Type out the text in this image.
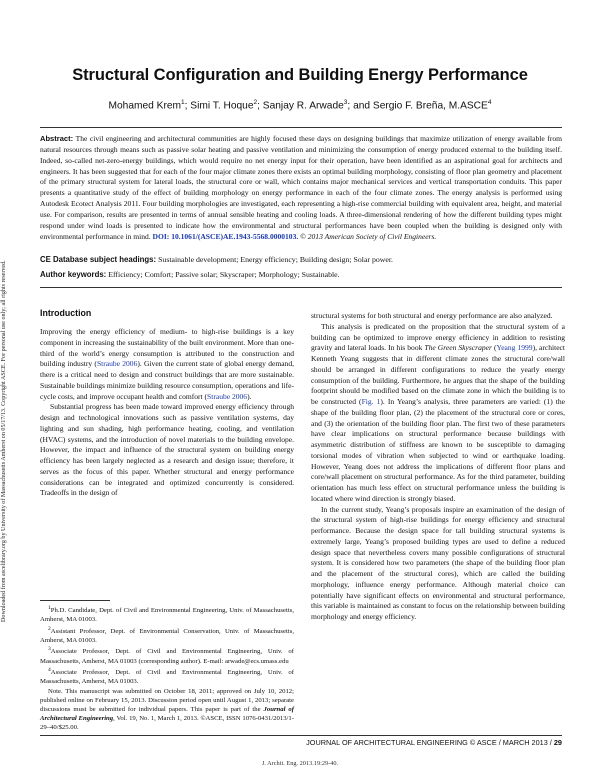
Downloaded from ascelibrary.org by University of Massachusetts Amherst on 05/17/13. Copyright ASCE. For personal use only; all rights reserved.
Structural Configuration and Building Energy Performance
Mohamed Krem$^1$; Simi T. Hoque$^2$; Sanjay R. Arwade$^3$; and Sergio F. Breña, M.ASCE$^4$
Abstract: The civil engineering and architectural communities are highly focused these days on designing buildings that maximize utilization of energy available from natural resources through means such as passive solar heating and passive ventilation and minimizing the consumption of energy produced external to the building itself. Indeed, so-called net-zero-energy buildings, which would require no net energy input for their operation, have been identified as an aspirational goal for architects and engineers. It has been suggested that for each of the four major climate zones there exists an optimal building morphology, consisting of floor plan geometry and placement of the primary structural system for lateral loads, the structural core or wall, which contains major mechanical services and vertical transportation conduits. This paper presents a quantitative study of the effect of building morphology on energy performance in each of the four climate zones. The energy analysis is performed using Autodesk Ecotect Analysis 2011. Four building morphologies are investigated, each representing a high-rise commercial building with equivalent area, height, and material use. For comparison, results are presented in terms of annual sensible heating and cooling loads. A three-dimensional rendering of how the different building types might respond under wind loads is presented to indicate how the environmental and structural performances have been coupled when the building is designed only with environmental performance in mind. DOI: 10.1061/(ASCE)AE.1943-5568.0000103. © 2013 American Society of Civil Engineers.
CE Database subject headings: Sustainable development; Energy efficiency; Building design; Solar power.
Author keywords: Efficiency; Comfort; Passive solar; Skyscraper; Morphology; Sustainable.
Introduction

Improving the energy efficiency of medium- to high-rise buildings is a key component in increasing the sustainability of the built environment. More than one-third of the world’s energy consumption is attributed to the construction and building industry (Straube 2006). Given the current state of global energy demand, there is a critical need to design and construct buildings that are more sustainable. Sustainable buildings minimize building resource consumption, operations and life-cycle costs, and improve occupant health and comfort (Straube 2006).

Substantial progress has been made toward improved energy efficiency through design and technological innovations such as passive ventilation systems, day lighting and sun shading, high performance heating, cooling, and ventilation (HVAC) systems, and the introduction of novel materials to the building envelope. However, the impact and influence of the structural system on building energy efficiency has been largely neglected as a research and design issue; therefore, it serves as the focus of this paper. Whether structural and energy performance considerations can be integrated and optimized concurrently is considered. Tradeoffs in the design of

$^1$Ph.D. Candidate, Dept. of Civil and Environmental Engineering, Univ. of Massachusetts, Amherst, MA 01003.
$^2$Assistant Professor, Dept. of Environmental Conservation, Univ. of Massachusetts, Amherst, MA 01003.
$^3$Associate Professor, Dept. of Civil and Environmental Engineering, Univ. of Massachusetts, Amherst, MA 01003 (corresponding author). E-mail: arwade@ecs.umass.edu
$^4$Associate Professor, Dept. of Civil and Environmental Engineering, Univ. of Massachusetts, Amherst, MA 01003.
Note. This manuscript was submitted on October 18, 2011; approved on July 10, 2012; published online on February 15, 2013. Discussion period open until August 1, 2013; separate discussions must be submitted for individual papers. This paper is part of the Journal of Architectural Engineering, Vol. 19, No. 1, March 1, 2013. ©ASCE, ISSN 1076-0431/2013/1-29–40/$25.00.

structural systems for both structural and energy performance are also analyzed.

This analysis is predicated on the proposition that the structural system of a building can be optimized to improve energy efficiency in addition to resisting gravity and lateral loads. In his book The Green Skyscraper (Yeang 1999), architect Kenneth Yeang suggests that in different climate zones the structural core/wall should be arranged in different configurations to reduce the yearly energy consumption of the building. Furthermore, he argues that the shape of the building footprint should be modified based on the climate zone in which the building is to be constructed (Fig. 1). In Yeang’s analysis, three parameters are varied: (1) the shape of the building floor plan, (2) the placement of the structural core or cores, and (3) the orientation of the building floor plan. The first two of these parameters have clear implications on structural performance because buildings with asymmetric distribution of stiffness are known to be susceptible to damaging torsional modes of vibration when subjected to wind or earthquake loading. However, Yeang does not address the implications of different floor plans and core/wall placement on structural performance. As for the third parameter, building orientation has much less effect on structural performance unless the building is located where wind direction is strongly biased.

In the current study, Yeang’s proposals inspire an examination of the design of the structural system of high-rise buildings for energy efficiency and structural performance. Because the design space for tall building structural systems is extremely large, Yeang’s proposed building types are used to define a reduced design space that nevertheless covers many possible configurations of structural system. It is considered how two parameters (the shape of the building floor plan and the placement of the structural cores), which are called the building morphology, influence energy performance. Although material choice can potentially have significant effects on environmental and structural performance, this variable is maintained as constant to focus on the relationship between building morphology and energy efficiency.

JOURNAL OF ARCHITECTURAL ENGINEERING © ASCE / MARCH 2013 / 29
J. Archit. Eng. 2013.19:29-40.
